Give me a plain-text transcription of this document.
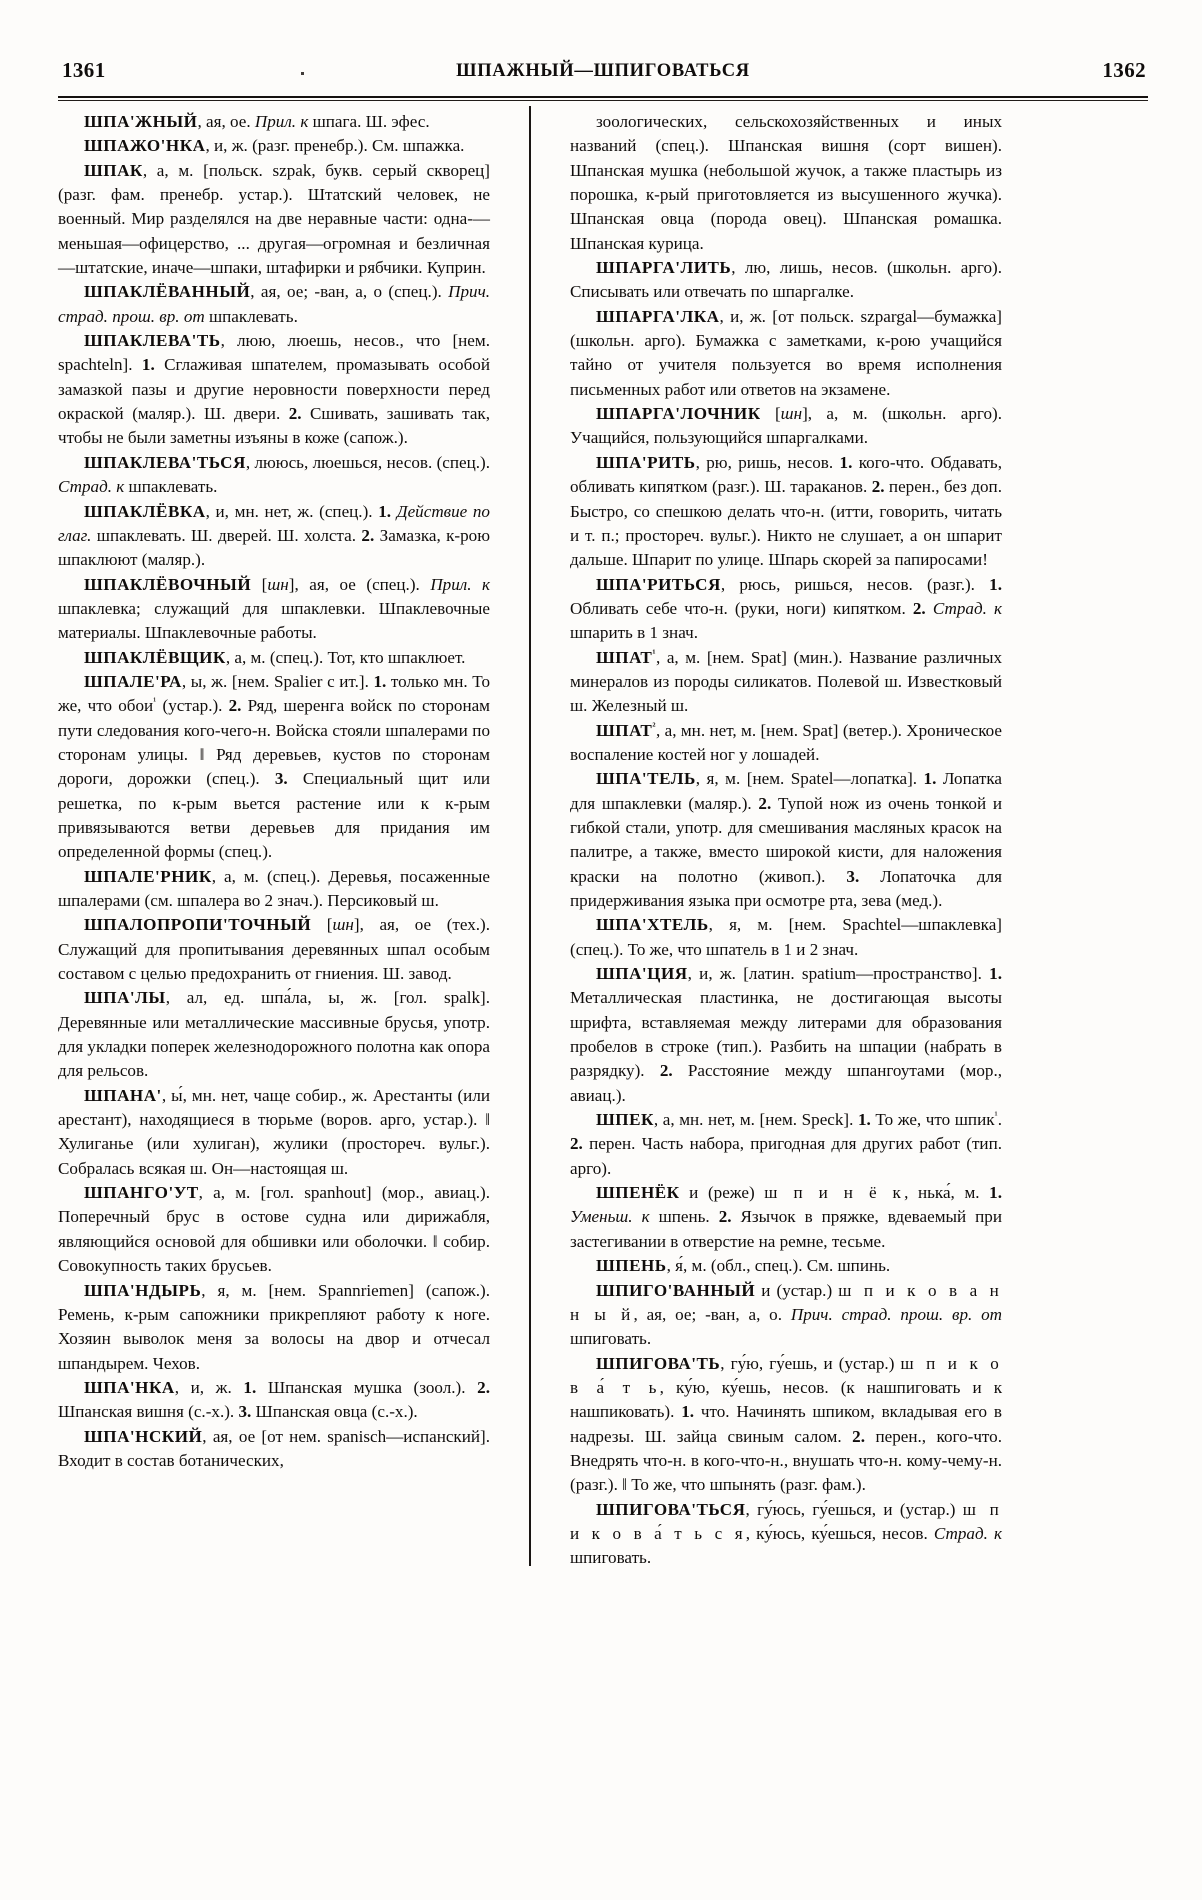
1361	ШПАЖНЫЙ—ШПИГОВАТЬСЯ	1362

ШПА'ЖНЫЙ, ая, ое. Прил. к шпага. Ш. эфес.

ШПАЖО'НКА, и, ж. (разг. пренебр.). См. шпажка.

ШПАК, а, м. [польск. szpak, букв. серый скворец] (разг. фам. пренебр. устар.). Штатский человек, не военный. Мир разделялся на две неравные части: одна-—меньшая—офицерство, ... другая—огромная и безличная—штатские, иначе—шпаки, штафирки и рябчики. Куприн.

ШПАКЛЁВАННЫЙ, ая, ое; -ван, а, о (спец.). Прич. страд. прош. вр. от шпаклевать.

ШПАКЛЕВА'ТЬ, люю, люешь, несов., что [нем. spachteln]. 1. Сглаживая шпателем, промазывать особой замазкой пазы и другие неровности поверхности перед окраской (маляр.). Ш. двери. 2. Сшивать, зашивать так, чтобы не были заметны изъяны в коже (сапож.).

ШПАКЛЕВА'ТЬСЯ, лююсь, люешься, несов. (спец.). Страд. к шпаклевать.

ШПАКЛЁВКА, и, мн. нет, ж. (спец.). 1. Действие по глаг. шпаклевать. Ш. дверей. Ш. холста. 2. Замазка, к-рою шпаклюют (маляр.).

ШПАКЛЁВОЧНЫЙ [шн], ая, ое (спец.). Прил. к шпаклевка; служащий для шпаклевки. Шпаклевочные материалы. Шпаклевочные работы.

ШПАКЛЁВЩИК, а, м. (спец.). Тот, кто шпаклюет.

ШПАЛЕ'РА, ы, ж. [нем. Spalier с ит.]. 1. только мн. То же, что обои$^{^1}$ (устар.). 2. Ряд, шеренга войск по сторонам пути следования кого-чего-н. Войска стояли шпалерами по сторонам улицы. ‖ Ряд деревьев, кустов по сторонам дороги, дорожки (спец.). 3. Специальный щит или решетка, по к-рым вьется растение или к к-рым привязываются ветви деревьев для придания им определенной формы (спец.).

ШПАЛЕ'РНИК, а, м. (спец.). Деревья, посаженные шпалерами (см. шпалера во 2 знач.). Персиковый ш.

ШПАЛОПРОПИ'ТОЧНЫЙ [шн], ая, ое (тех.). Служащий для пропитывания деревянных шпал особым составом с целью предохранить от гниения. Ш. завод.

ШПА'ЛЫ, ал, ед. шпа́ла, ы, ж. [гол. spalk]. Деревянные или металлические массивные брусья, употр. для укладки поперек железнодорожного полотна как опора для рельсов.

ШПАНА', ы́, мн. нет, чаще собир., ж. Арестанты (или арестант), находящиеся в тюрьме (воров. арго, устар.). ‖ Хулиганье (или хулиган), жулики (простореч. вульг.). Собралась всякая ш. Он—настоящая ш.

ШПАНГО'УТ, а, м. [гол. spanhout] (мор., авиац.). Поперечный брус в остове судна или дирижабля, являющийся основой для обшивки или оболочки. ‖ собир. Совокупность таких брусьев.

ШПА'НДЫРЬ, я, м. [нем. Spannriemen] (сапож.). Ремень, к-рым сапожники прикрепляют работу к ноге. Хозяин выволок меня за волосы на двор и отчесал шпандырем. Чехов.

ШПА'НКА, и, ж. 1. Шпанская мушка (зоол.). 2. Шпанская вишня (с.-х.). 3. Шпанская овца (с.-х.).

ШПА'НСКИЙ, ая, ое [от нем. spanisch—испанский]. Входит в состав ботанических,

зоологических, сельскохозяйственных и иных названий (спец.). Шпанская вишня (сорт вишен). Шпанская мушка (небольшой жучок, а также пластырь из порошка, к-рый приготовляется из высушенного жучка). Шпанская овца (порода овец). Шпанская ромашка. Шпанская курица.

ШПАРГА'ЛИТЬ, лю, лишь, несов. (школьн. арго). Списывать или отвечать по шпаргалке.

ШПАРГА'ЛКА, и, ж. [от польск. szpargal—бумажка] (школьн. арго). Бумажка с заметками, к-рою учащийся тайно от учителя пользуется во время исполнения письменных работ или ответов на экзамене.

ШПАРГА'ЛОЧНИК [шн], а, м. (школьн. арго). Учащийся, пользующийся шпаргалками.

ШПА'РИТЬ, рю, ришь, несов. 1. кого-что. Обдавать, обливать кипятком (разг.). Ш. тараканов. 2. перен., без доп. Быстро, со спешкою делать что-н. (итти, говорить, читать и т. п.; простореч. вульг.). Никто не слушает, а он шпарит дальше. Шпарит по улице. Шпарь скорей за папиросами!

ШПА'РИТЬСЯ, рюсь, ришься, несов. (разг.). 1. Обливать себе что-н. (руки, ноги) кипятком. 2. Страд. к шпарить в 1 знач.

$ШПАТ^{^1}$, а, м. [нем. Spat] (мин.). Название различных минералов из породы силикатов. Полевой ш. Известковый ш. Железный ш.

$ШПАТ^{^2}$, а, мн. нет, м. [нем. Spat] (ветер.). Хроническое воспаление костей ног у лошадей.

ШПА'ТЕЛЬ, я, м. [нем. Spatel—лопатка]. 1. Лопатка для шпаклевки (маляр.). 2. Тупой нож из очень тонкой и гибкой стали, употр. для смешивания масляных красок на палитре, а также, вместо широкой кисти, для наложения краски на полотно (живоп.). 3. Лопаточка для придерживания языка при осмотре рта, зева (мед.).

ШПА'ХТЕЛЬ, я, м. [нем. Spachtel—шпаклевка] (спец.). То же, что шпатель в 1 и 2 знач.

ШПА'ЦИЯ, и, ж. [латин. spatium—пространство]. 1. Металлическая пластинка, не достигающая высоты шрифта, вставляемая между литерами для образования пробелов в строке (тип.). Разбить на шпации (набрать в разрядку). 2. Расстояние между шпангоутами (мор., авиац.).

ШПЕК, а, мн. нет, м. [нем. Speck]. 1. То же, что шпик$^{^1}$. 2. перен. Часть набора, пригодная для других работ (тип. арго).

ШПЕНЁК и (реже) ш п и н ё к, нька́, м. 1. Уменьш. к шпень. 2. Язычок в пряжке, вдеваемый при застегивании в отверстие на ремне, тесьме.

ШПЕНЬ, я́, м. (обл., спец.). См. шпинь.

ШПИГО'ВАННЫЙ и (устар.) ш п и к о в а н н ы й, ая, ое; -ван, а, о. Прич. страд. прош. вр. от шпиговать.

ШПИГОВА'ТЬ, гу́ю, гу́ешь, и (устар.) ш п и к о в а́ т ь, ку́ю, ку́ешь, несов. (к нашпиговать и к нашпиковать). 1. что. Начинять шпиком, вкладывая его в надрезы. Ш. зайца свиным салом. 2. перен., кого-что. Внедрять что-н. в кого-что-н., внушать что-н. кому-чему-н. (разг.). ‖ То же, что шпынять (разг. фам.).

ШПИГОВА'ТЬСЯ, гу́юсь, гу́ешься, и (устар.) ш п и к о в а́ т ь с я, ку́юсь, ку́ешься, несов. Страд. к шпиговать.
